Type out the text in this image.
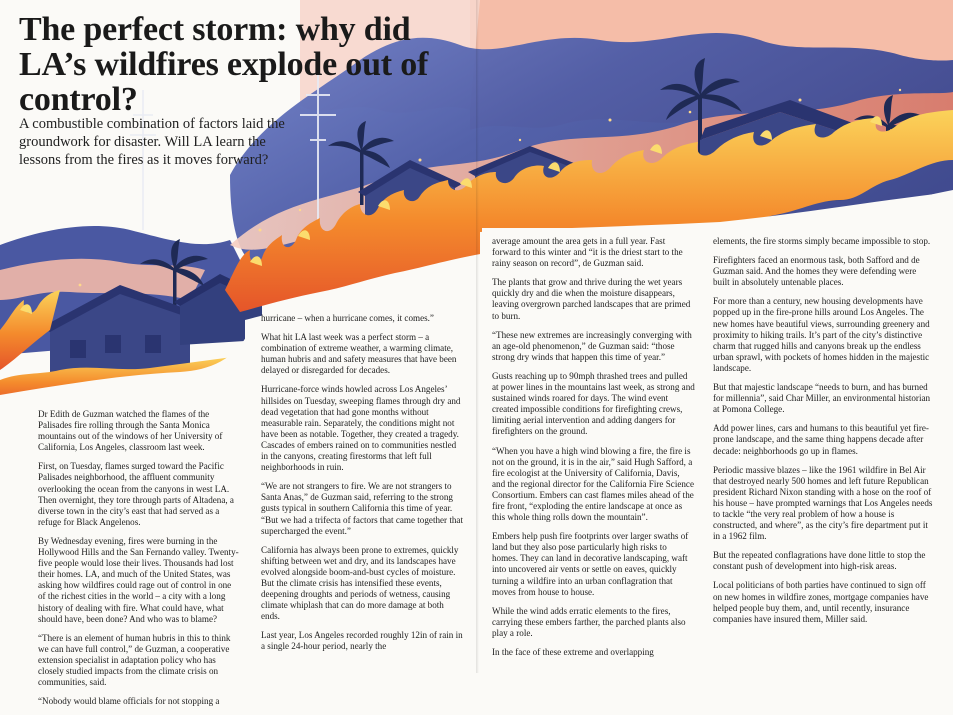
The perfect storm: why did LA’s wildfires explode out of control?

A combustible combination of factors laid the groundwork for disaster. Will LA learn the lessons from the fires as it moves forward?

Dr Edith de Guzman watched the flames of the Palisades fire rolling through the Santa Monica mountains out of the windows of her University of California, Los Angeles, classroom last week.

First, on Tuesday, flames surged toward the Pacific Palisades neighborhood, the affluent community overlooking the ocean from the canyons in west LA. Then overnight, they tore through parts of Altadena, a diverse town in the city’s east that had served as a refuge for Black Angelenos.

By Wednesday evening, fires were burning in the Hollywood Hills and the San Fernando valley. Twenty-five people would lose their lives. Thousands had lost their homes. LA, and much of the United States, was asking how wildfires could rage out of control in one of the richest cities in the world – a city with a long history of dealing with fire. What could have, what should have, been done? And who was to blame?

“There is an element of human hubris in this to think we can have full control,” de Guzman, a cooperative extension specialist in adaptation policy who has closely studied impacts from the climate crisis on communities, said.

“Nobody would blame officials for not stopping a

hurricane – when a hurricane comes, it comes.”

What hit LA last week was a perfect storm – a combination of extreme weather, a warming climate, human hubris and and safety measures that have been delayed or disregarded for decades.

Hurricane-force winds howled across Los Angeles’ hillsides on Tuesday, sweeping flames through dry and dead vegetation that had gone months without measurable rain. Separately, the conditions might not have been as notable. Together, they created a tragedy. Cascades of embers rained on to communities nestled in the canyons, creating firestorms that left full neighborhoods in ruin.

“We are not strangers to fire. We are not strangers to Santa Anas,” de Guzman said, referring to the strong gusts typical in southern California this time of year. “But we had a trifecta of factors that came together that supercharged the event.”

California has always been prone to extremes, quickly shifting between wet and dry, and its landscapes have evolved alongside boom-and-bust cycles of moisture. But the climate crisis has intensified these events, deepening droughts and periods of wetness, causing climate whiplash that can do more damage at both ends.

Last year, Los Angeles recorded roughly 12in of rain in a single 24-hour period, nearly the

average amount the area gets in a full year. Fast forward to this winter and “it is the driest start to the rainy season on record”, de Guzman said.

The plants that grow and thrive during the wet years quickly dry and die when the moisture disappears, leaving overgrown parched landscapes that are primed to burn.

“These new extremes are increasingly converging with an age-old phenomenon,” de Guzman said: “those strong dry winds that happen this time of year.”

Gusts reaching up to 90mph thrashed trees and pulled at power lines in the mountains last week, as strong and sustained winds roared for days. The wind event created impossible conditions for firefighting crews, limiting aerial intervention and adding dangers for firefighters on the ground.

“When you have a high wind blowing a fire, the fire is not on the ground, it is in the air,” said Hugh Safford, a fire ecologist at the University of California, Davis, and the regional director for the California Fire Science Consortium. Embers can cast flames miles ahead of the fire front, “exploding the entire landscape at once as this whole thing rolls down the mountain”.

Embers help push fire footprints over larger swaths of land but they also pose particularly high risks to homes. They can land in decorative landscaping, waft into uncovered air vents or settle on eaves, quickly turning a wildfire into an urban conflagration that moves from house to house.

While the wind adds erratic elements to the fires, carrying these embers farther, the parched plants also play a role.

In the face of these extreme and overlapping

elements, the fire storms simply became impossible to stop.

Firefighters faced an enormous task, both Safford and de Guzman said. And the homes they were defending were built in absolutely untenable places.

For more than a century, new housing developments have popped up in the fire-prone hills around Los Angeles. The new homes have beautiful views, surrounding greenery and proximity to hiking trails. It’s part of the city’s distinctive charm that rugged hills and canyons break up the endless urban sprawl, with pockets of homes hidden in the majestic landscape.

But that majestic landscape “needs to burn, and has burned for millennia”, said Char Miller, an environmental historian at Pomona College.

Add power lines, cars and humans to this beautiful yet fire-prone landscape, and the same thing happens decade after decade: neighborhoods go up in flames.

Periodic massive blazes – like the 1961 wildfire in Bel Air that destroyed nearly 500 homes and left future Republican president Richard Nixon standing with a hose on the roof of his house – have prompted warnings that Los Angeles needs to tackle “the very real problem of how a house is constructed, and where”, as the city’s fire department put it in a 1962 film.

But the repeated conflagrations have done little to stop the constant push of development into high-risk areas.

Local politicians of both parties have continued to sign off on new homes in wildfire zones, mortgage companies have helped people buy them, and, until recently, insurance companies have insured them, Miller said.
